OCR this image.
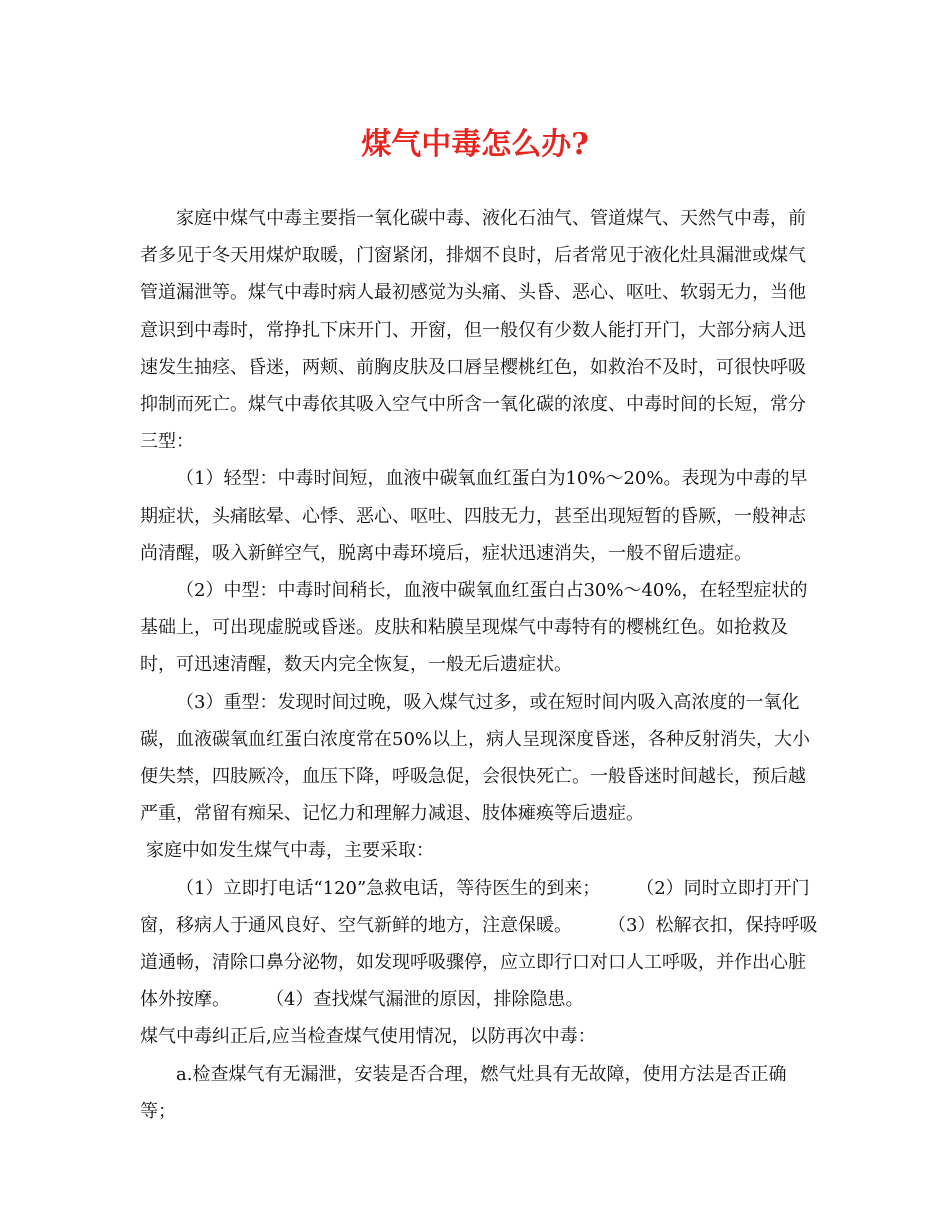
煤气中毒怎么办?

家庭中煤气中毒主要指一氧化碳中毒、液化石油气、管道煤气、天然气中毒，前者多见于冬天用煤炉取暖，门窗紧闭，排烟不良时，后者常见于液化灶具漏泄或煤气管道漏泄等。煤气中毒时病人最初感觉为头痛、头昏、恶心、呕吐、软弱无力，当他意识到中毒时，常挣扎下床开门、开窗，但一般仅有少数人能打开门，大部分病人迅速发生抽痉、昏迷，两颊、前胸皮肤及口唇呈樱桃红色，如救治不及时，可很快呼吸抑制而死亡。煤气中毒依其吸入空气中所含一氧化碳的浓度、中毒时间的长短，常分三型：

（1）轻型：中毒时间短，血液中碳氧血红蛋白为10%～20%。表现为中毒的早期症状，头痛眩晕、心悸、恶心、呕吐、四肢无力，甚至出现短暂的昏厥，一般神志尚清醒，吸入新鲜空气，脱离中毒环境后，症状迅速消失，一般不留后遗症。

（2）中型：中毒时间稍长，血液中碳氧血红蛋白占30%～40%，在轻型症状的基础上，可出现虚脱或昏迷。皮肤和粘膜呈现煤气中毒特有的樱桃红色。如抢救及时，可迅速清醒，数天内完全恢复，一般无后遗症状。

（3）重型：发现时间过晚，吸入煤气过多，或在短时间内吸入高浓度的一氧化碳，血液碳氧血红蛋白浓度常在50%以上，病人呈现深度昏迷，各种反射消失，大小便失禁，四肢厥冷，血压下降，呼吸急促，会很快死亡。一般昏迷时间越长，预后越严重，常留有痴呆、记忆力和理解力减退、肢体瘫痪等后遗症。

家庭中如发生煤气中毒，主要采取：

（1）立即打电话“120”急救电话，等待医生的到来；　　　（2）同时立即打开门窗，移病人于通风良好、空气新鲜的地方，注意保暖。　　　（3）松解衣扣，保持呼吸道通畅，清除口鼻分泌物，如发现呼吸骤停，应立即行口对口人工呼吸，并作出心脏体外按摩。　　　（4）查找煤气漏泄的原因，排除隐患。

煤气中毒纠正后,应当检查煤气使用情况，以防再次中毒：

a.检查煤气有无漏泄，安装是否合理，燃气灶具有无故障，使用方法是否正确等；
